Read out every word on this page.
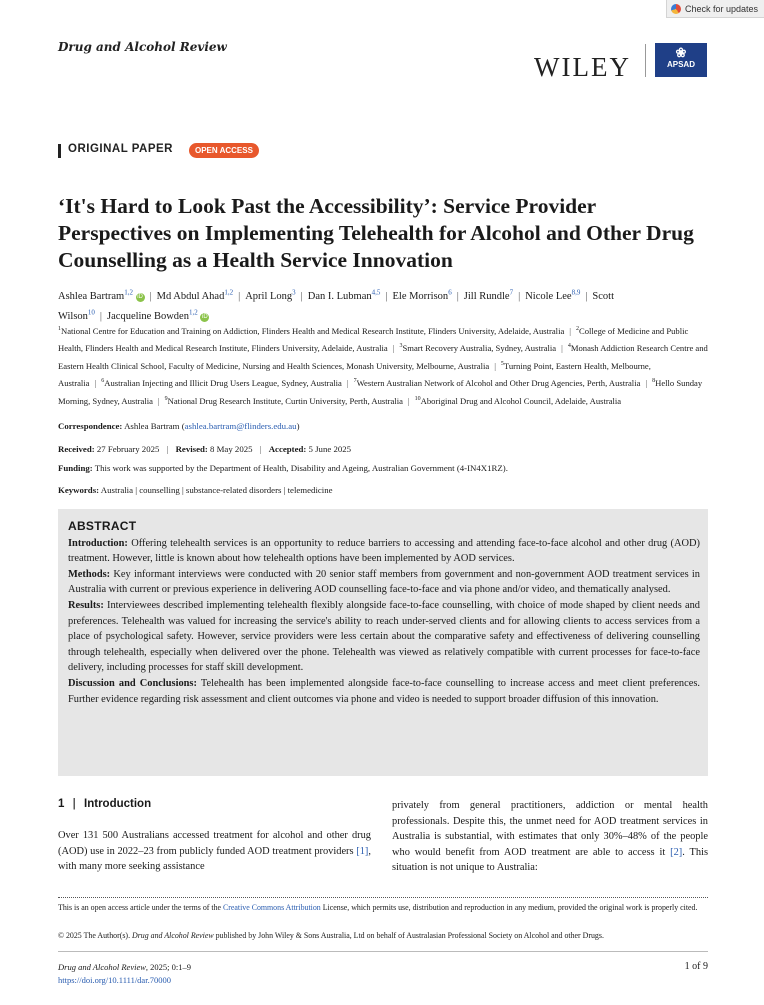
Check for updates
Drug and Alcohol Review
WILEY	❀
APSAD
ORIGINAL PAPER	OPEN ACCESS
‘It's Hard to Look Past the Accessibility’: Service Provider Perspectives on Implementing Telehealth for Alcohol and Other Drug Counselling as a Health Service Innovation
Ashlea Bartram$^{1,2}$ iD | Md Abdul Ahad$^{1,2}$ | April Long$^3$ | Dan I. Lubman$^{4,5}$ | Ele Morrison$^6$ | Jill Rundle$^7$ | Nicole Lee$^{8,9}$ | Scott Wilson$^{10}$ | Jacqueline Bowden$^{1,2}$ iD
$^1$National Centre for Education and Training on Addiction, Flinders Health and Medical Research Institute, Flinders University, Adelaide, Australia | $^2$College of Medicine and Public Health, Flinders Health and Medical Research Institute, Flinders University, Adelaide, Australia | $^3$Smart Recovery Australia, Sydney, Australia | $^4$Monash Addiction Research Centre and Eastern Health Clinical School, Faculty of Medicine, Nursing and Health Sciences, Monash University, Melbourne, Australia | $^5$Turning Point, Eastern Health, Melbourne, Australia | $^6$Australian Injecting and Illicit Drug Users League, Sydney, Australia | $^7$Western Australian Network of Alcohol and Other Drug Agencies, Perth, Australia | $^8$Hello Sunday Morning, Sydney, Australia | $^9$National Drug Research Institute, Curtin University, Perth, Australia | $^{10}$Aboriginal Drug and Alcohol Council, Adelaide, Australia
Correspondence: Ashlea Bartram (ashlea.bartram@flinders.edu.au)
Received: 27 February 2025 | Revised: 8 May 2025 | Accepted: 5 June 2025
Funding: This work was supported by the Department of Health, Disability and Ageing, Australian Government (4-IN4X1RZ).
Keywords: Australia | counselling | substance-related disorders | telemedicine
ABSTRACT

Introduction: Offering telehealth services is an opportunity to reduce barriers to accessing and attending face-to-face alcohol and other drug (AOD) treatment. However, little is known about how telehealth options have been implemented by AOD services.

Methods: Key informant interviews were conducted with 20 senior staff members from government and non-government AOD treatment services in Australia with current or previous experience in delivering AOD counselling face-to-face and via phone and/or video, and thematically analysed.

Results: Interviewees described implementing telehealth flexibly alongside face-to-face counselling, with choice of mode shaped by client needs and preferences. Telehealth was valued for increasing the service's ability to reach under-served clients and for allowing clients to access services from a place of psychological safety. However, service providers were less certain about the comparative safety and effectiveness of delivering counselling through telehealth, especially when delivered over the phone. Telehealth was viewed as relatively compatible with current processes for face-to-face delivery, including processes for staff skill development.

Discussion and Conclusions: Telehealth has been implemented alongside face-to-face counselling to increase access and meet client preferences. Further evidence regarding risk assessment and client outcomes via phone and video is needed to support broader diffusion of this innovation.

1 | Introduction
Over 131 500 Australians accessed treatment for alcohol and other drug (AOD) use in 2022–23 from publicly funded AOD treatment providers [1], with many more seeking assistance
privately from general practitioners, addiction or mental health professionals. Despite this, the unmet need for AOD treatment services in Australia is substantial, with estimates that only 30%–48% of the people who would benefit from AOD treatment are able to access it [2]. This situation is not unique to Australia:
This is an open access article under the terms of the Creative Commons Attribution License, which permits use, distribution and reproduction in any medium, provided the original work is properly cited.
© 2025 The Author(s). Drug and Alcohol Review published by John Wiley & Sons Australia, Ltd on behalf of Australasian Professional Society on Alcohol and other Drugs.
Drug and Alcohol Review, 2025; 0:1–9
https://doi.org/10.1111/dar.70000
1 of 9
